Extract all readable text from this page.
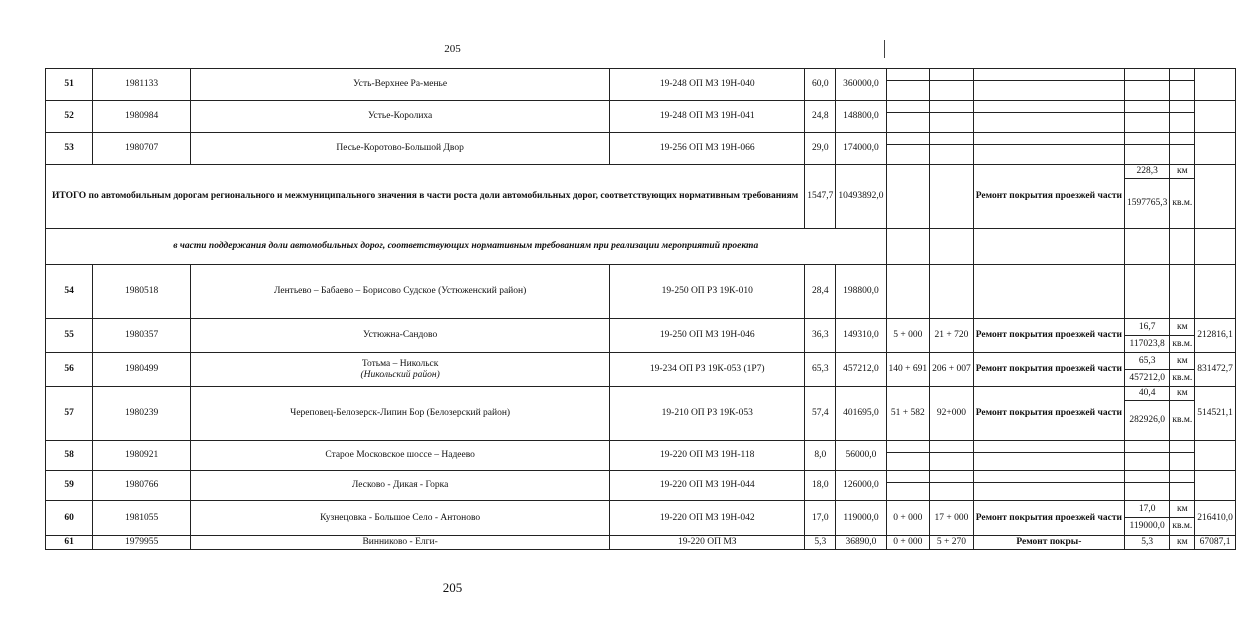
205
51	1981133	Усть-Верхнее Ра-менье	19-248 ОП МЗ 19Н-040	60,0	360000,0						

52	1980984	Устье-Королиха	19-248 ОП МЗ 19Н-041	24,8	148800,0						

53	1980707	Песье-Коротово-Большой Двор	19-256 ОП МЗ 19Н-066	29,0	174000,0						

ИТОГО по автомобильным дорогам регионального и межмуниципального значения в части роста доли автомобильных дорог, соответствующих нормативным требованиям				1547,7	10493892,0			Ремонт покрытия проезжей части	228,3	км	
									1597765,3	кв.м.	
в части поддержания доли автомобильных дорог, соответствующих нормативным требованиям при реализации мероприятий проекта											
54	1980518	Лентьево – Бабаево – Борисово Судское (Устюженский район)	19-250 ОП РЗ 19К-010	28,4	198800,0						
55	1980357	Устюжна-Сандово	19-250 ОП МЗ 19Н-046	36,3	149310,0	5 + 000	21 + 720	Ремонт покрытия проезжей части	16,7	км	212816,1
									117023,8	кв.м.	
56	1980499	Тотьма – Никольск
(Никольский район)	19-234 ОП РЗ 19К-053 (1Р7)	65,3	457212,0	140 + 691	206 + 007	Ремонт покрытия проезжей части	65,3	км	831472,7
									457212,0	кв.м.	
57	1980239	Череповец-Белозерск-Липин Бор (Белозерский район)	19-210 ОП РЗ 19К-053	57,4	401695,0	51 + 582	92+000	Ремонт покрытия проезжей части	40,4	км	514521,1
									282926,0	кв.м.	
58	1980921	Старое Московское шоссе – Надеево	19-220 ОП МЗ 19Н-118	8,0	56000,0						

59	1980766	Лесково - Дикая - Горка	19-220 ОП МЗ 19Н-044	18,0	126000,0						

60	1981055	Кузнецовка - Большое Село - Антоново	19-220 ОП МЗ 19Н-042	17,0	119000,0	0 + 000	17 + 000	Ремонт покрытия проезжей части	17,0	км	216410,0
									119000,0	кв.м.	
61	1979955	Винниково - Елги-	19-220 ОП МЗ	5,3	36890,0	0 + 000	5 + 270	Ремонт покры-	5,3	км	67087,1
205
